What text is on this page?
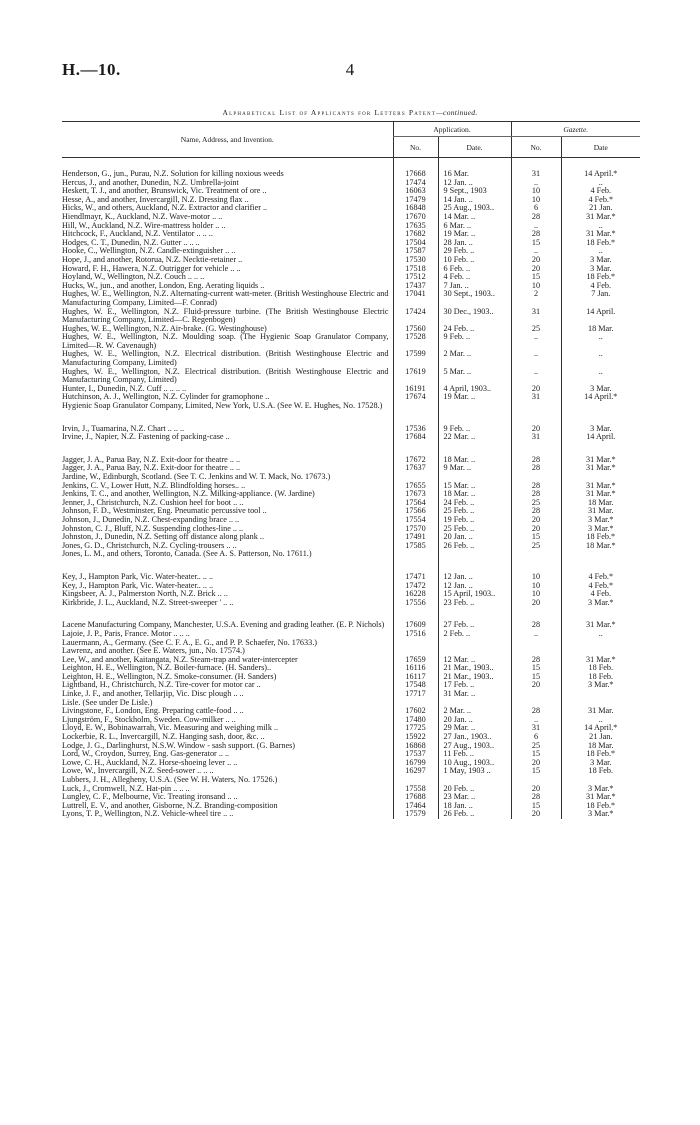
H.—10.	4
Alphabetical List of Applicants for Letters Patent—continued.
Name, Address, and Invention.	Application.		Gazette.	
	No.	Date.	No.	Date

Henderson, G., jun., Purau, N.Z. Solution for killing noxious weeds	17668	16 Mar.	31	14 April.*
Hercus, J., and another, Dunedin, N.Z. Umbrella-joint	17474	12 Jan. ..	..	..
Heskett, T. J., and another, Brunswick, Vic. Treatment of ore ..	16063	9 Sept., 1903	10	4 Feb.
Hesse, A., and another, Invercargill, N.Z. Dressing flax ..	17479	14 Jan. ..	10	4 Feb.*
Hicks, W., and others, Auckland, N.Z. Extractor and clarifier ..	16848	25 Aug., 1903..	6	21 Jan.
Hiendlmayr, K., Auckland, N.Z. Wave-motor .. ..	17670	14 Mar. ..	28	31 Mar.*
Hill, W., Auckland, N.Z. Wire-mattress holder .. ..	17635	6 Mar. ..	..	..
Hitchcock, F., Auckland, N.Z. Ventilator .. .. ..	17682	19 Mar. ..	28	31 Mar.*
Hodges, C. T., Dunedin, N.Z. Gutter .. .. ..	17504	28 Jan. ..	15	18 Feb.*
Hooke, C., Wellington, N.Z. Candle-extinguisher .. ..	17587	29 Feb. ..	..	..
Hope, J., and another, Rotorua, N.Z. Necktie-retainer ..	17530	10 Feb. ..	20	3 Mar.
Howard, F. H., Hawera, N.Z. Outrigger for vehicle .. ..	17518	6 Feb. ..	20	3 Mar.
Hoyland, W., Wellington, N.Z. Couch .. .. ..	17512	4 Feb. ..	15	18 Feb.*
Hucks, W., jun., and another, London, Eng. Aerating liquids ..	17437	7 Jan. ..	10	4 Feb.
Hughes, W. E., Wellington, N.Z. Alternating-current watt-meter. (British Westinghouse Electric and Manufacturing Company, Limited—F. Conrad)	17041	30 Sept., 1903..	2	7 Jan.
Hughes, W. E., Wellington, N.Z. Fluid-pressure turbine. (The British Westinghouse Electric Manufacturing Company, Limited—C. Regenbogen)	17424	30 Dec., 1903..	31	14 April.
Hughes, W. E., Wellington, N.Z. Air-brake. (G. Westinghouse)	17560	24 Feb. ..	25	18 Mar.
Hughes, W. E., Wellington, N.Z. Moulding soap. (The Hygienic Soap Granulator Company, Limited—R. W. Cavenaugh)	17528	9 Feb. ..	..	..
Hughes, W. E., Wellington, N.Z. Electrical distribution. (British Westinghouse Electric and Manufacturing Company, Limited)	17599	2 Mar. ..	..	..
Hughes, W. E., Wellington, N.Z. Electrical distribution. (British Westinghouse Electric and Manufacturing Company, Limited)	17619	5 Mar. ..	..	..
Hunter, I., Dunedin, N.Z. Cuff .. .. .. ..	16191	4 April, 1903..	20	3 Mar.
Hutchinson, A. J., Wellington, N.Z. Cylinder for gramophone ..	17674	19 Mar. ..	31	14 April.*
Hygienic Soap Granulator Company, Limited, New York, U.S.A. (See W. E. Hughes, No. 17528.)				

Irvin, J., Tuamarina, N.Z. Chart .. .. ..	17536	9 Feb. ..	20	3 Mar.
Irvine, J., Napier, N.Z. Fastening of packing-case ..	17684	22 Mar. ..	31	14 April.

Jagger, J. A., Parua Bay, N.Z. Exit-door for theatre .. ..	17672	18 Mar. ..	28	31 Mar.*
Jagger, J. A., Parua Bay, N.Z. Exit-door for theatre .. ..	17637	9 Mar. ..	28	31 Mar.*
Jardine, W., Edinburgh, Scotland. (See T. C. Jenkins and W. T. Mack, No. 17673.)				
Jenkins, C. V., Lower Hutt, N.Z. Blindfolding horses.. ..	17655	15 Mar. ..	28	31 Mar.*
Jenkins, T. C., and another, Wellington, N.Z. Milking-appliance. (W. Jardine)	17673	18 Mar. ..	28	31 Mar.*
Jenner, J., Christchurch, N.Z. Cushion heel for boot .. ..	17564	24 Feb. ..	25	18 Mar.
Johnson, F. D., Westminster, Eng. Pneumatic percussive tool ..	17566	25 Feb. ..	28	31 Mar.
Johnson, J., Dunedin, N.Z. Chest-expanding brace .. ..	17554	19 Feb. ..	20	3 Mar.*
Johnston, C. J., Bluff, N.Z. Suspending clothes-line .. ..	17570	25 Feb. ..	20	3 Mar.*
Johnston, J., Dunedin, N.Z. Setting off distance along plank ..	17491	20 Jan. ..	15	18 Feb.*
Jones, G. D., Christchurch, N.Z. Cycling-trousers .. ..	17585	26 Feb. ..	25	18 Mar.*
Jones, L. M., and others, Toronto, Canada. (See A. S. Patterson, No. 17611.)				

Key, J., Hampton Park, Vic. Water-heater.. .. ..	17471	12 Jan. ..	10	4 Feb.*
Key, J., Hampton Park, Vic. Water-heater.. .. ..	17472	12 Jan. ..	10	4 Feb.*
Kingsbeer, A. J., Palmerston North, N.Z. Brick .. ..	16228	15 April, 1903..	10	4 Feb.
Kirkbride, J. L., Auckland, N.Z. Street-sweeper ' .. ..	17556	23 Feb. ..	20	3 Mar.*

Lacene Manufacturing Company, Manchester, U.S.A. Evening and grading leather. (E. P. Nichols)	17609	27 Feb. ..	28	31 Mar.*
Lajoie, J. P., Paris, France. Motor .. .. ..	17516	2 Feb. ..	..	..
Lauermann, A., Germany. (See C. F. A., E. G., and P. P. Schaefer, No. 17633.)				
Lawrenz, and another. (See E. Waters, jun., No. 17574.)				
Lee, W., and another, Kaitangata, N.Z. Steam-trap and water-intercepter	17659	12 Mar. ..	28	31 Mar.*
Leighton, H. E., Wellington, N.Z. Boiler-furnace. (H. Sanders)..	16116	21 Mar., 1903..	15	18 Feb.
Leighton, H. E., Wellington, N.Z. Smoke-consumer. (H. Sanders)	16117	21 Mar., 1903..	15	18 Feb.
Lightband, H., Christchurch, N.Z. Tire-cover for motor car ..	17548	17 Feb. ..	20	3 Mar.*
Linke, J. F., and another, Tellarjip, Vic. Disc plough .. ..	17717	31 Mar. ..		
Lisle. (See under De Lisle.)				
Livingstone, F., London, Eng. Preparing cattle-food .. ..	17602	2 Mar. ..	28	31 Mar.
Ljungström, F., Stockholm, Sweden. Cow-milker .. ..	17480	20 Jan. ..	..	..
Lloyd, E. W., Bobinawarrah, Vic. Measuring and weighing milk ..	17725	29 Mar. ..	31	14 April.*
Lockerbie, R. L., Invercargill, N.Z. Hanging sash, door, &c. ..	15922	27 Jan., 1903..	6	21 Jan.
Lodge, J. G., Darlinghurst, N.S.W. Window - sash support. (G. Barnes)	16868	27 Aug., 1903..	25	18 Mar.
Lord, W., Croydon, Surrey, Eng. Gas-generator .. ..	17537	11 Feb. ..	15	18 Feb.*
Lowe, C. H., Auckland, N.Z. Horse-shoeing lever .. ..	16799	10 Aug., 1903..	20	3 Mar.
Lowe, W., Invercargill, N.Z. Seed-sower .. .. ..	16297	1 May, 1903 ..	15	18 Feb.
Lubbers, J. H., Allegheny, U.S.A. (See W. H. Waters, No. 17526.)				
Luck, J., Cromwell, N.Z. Hat-pin .. .. ..	17558	20 Feb. ..	20	3 Mar.*
Lungley, C. F., Melbourne, Vic. Treating ironsand .. ..	17688	23 Mar. ..	28	31 Mar.*
Luttrell, E. V., and another, Gisborne, N.Z. Branding-composition	17464	18 Jan. ..	15	18 Feb.*
Lyons, T. P., Wellington, N.Z. Vehicle-wheel tire .. ..	17579	26 Feb. ..	20	3 Mar.*
